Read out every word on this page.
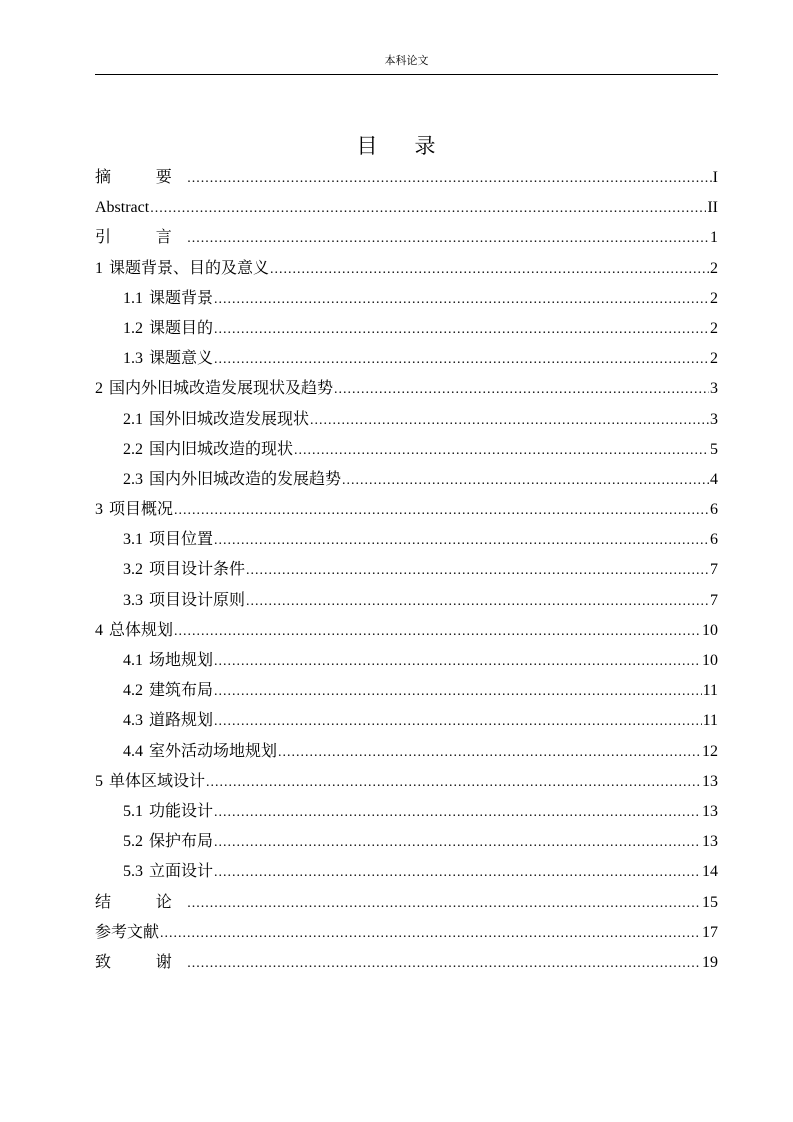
本科论文
目 录
摘　要 .....	I
Abstract .....	II
引　言 .....	1
1 课题背景、目的及意义 .....	2
1.1 课题背景 .....	2
1.2 课题目的 .....	2
1.3 课题意义 .....	2
2 国内外旧城改造发展现状及趋势 .....	3
2.1 国外旧城改造发展现状 .....	3
2.2 国内旧城改造的现状 .....	5
2.3 国内外旧城改造的发展趋势 .....	4
3 项目概况 .....	6
3.1 项目位置 .....	6
3.2 项目设计条件 .....	7
3.3 项目设计原则 .....	7
4 总体规划 .....	10
4.1 场地规划 .....	10
4.2 建筑布局 .....	11
4.3 道路规划 .....	11
4.4 室外活动场地规划 .....	12
5 单体区域设计 .....	13
5.1 功能设计 .....	13
5.2 保护布局 .....	13
5.3 立面设计 .....	14
结　论 .....	15
参考文献 .....	17
致　谢 .....	19
